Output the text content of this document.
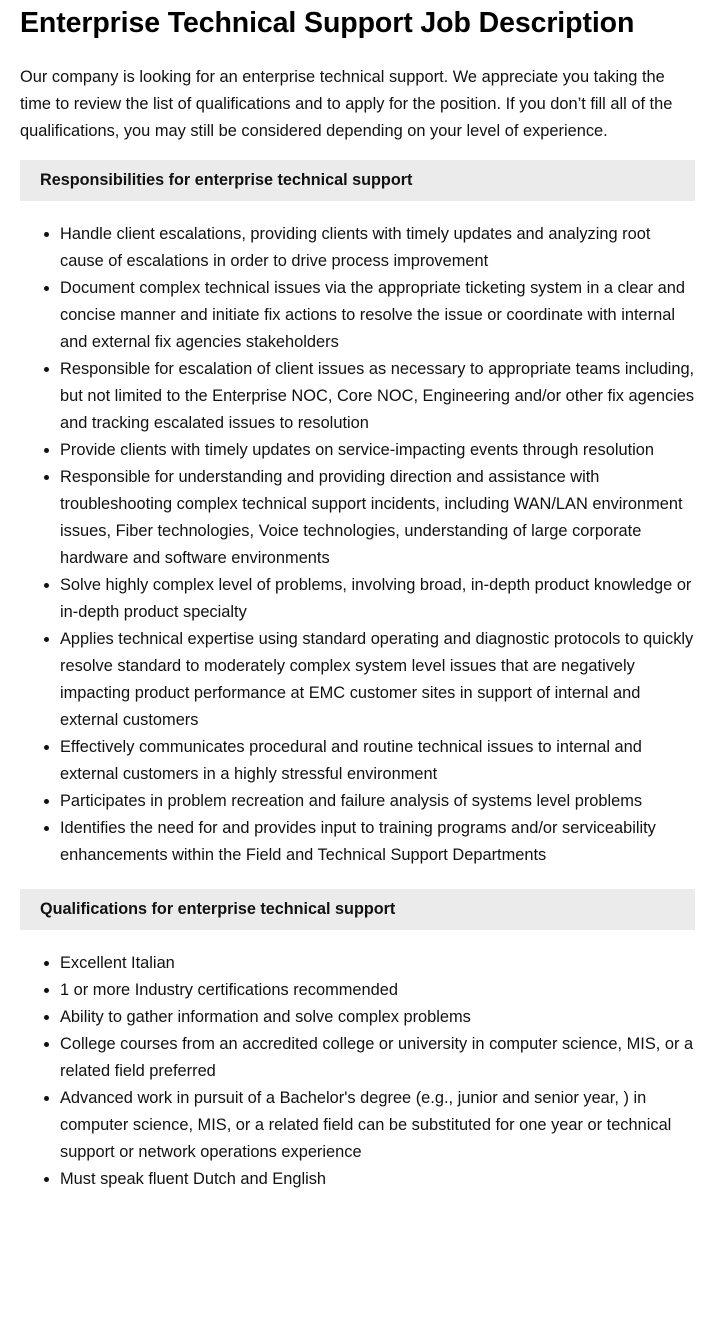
Enterprise Technical Support Job Description

Our company is looking for an enterprise technical support. We appreciate you taking the time to review the list of qualifications and to apply for the position. If you don’t fill all of the qualifications, you may still be considered depending on your level of experience.

Responsibilities for enterprise technical support
• Handle client escalations, providing clients with timely updates and analyzing root cause of escalations in order to drive process improvement
• Document complex technical issues via the appropriate ticketing system in a clear and concise manner and initiate fix actions to resolve the issue or coordinate with internal and external fix agencies stakeholders
• Responsible for escalation of client issues as necessary to appropriate teams including, but not limited to the Enterprise NOC, Core NOC, Engineering and/or other fix agencies and tracking escalated issues to resolution
• Provide clients with timely updates on service-impacting events through resolution
• Responsible for understanding and providing direction and assistance with troubleshooting complex technical support incidents, including WAN/LAN environment issues, Fiber technologies, Voice technologies, understanding of large corporate hardware and software environments
• Solve highly complex level of problems, involving broad, in-depth product knowledge or in-depth product specialty
• Applies technical expertise using standard operating and diagnostic protocols to quickly resolve standard to moderately complex system level issues that are negatively impacting product performance at EMC customer sites in support of internal and external customers
• Effectively communicates procedural and routine technical issues to internal and external customers in a highly stressful environment
• Participates in problem recreation and failure analysis of systems level problems
• Identifies the need for and provides input to training programs and/or serviceability enhancements within the Field and Technical Support Departments
Qualifications for enterprise technical support
• Excellent Italian
• 1 or more Industry certifications recommended
• Ability to gather information and solve complex problems
• College courses from an accredited college or university in computer science, MIS, or a related field preferred
• Advanced work in pursuit of a Bachelor's degree (e.g., junior and senior year, ) in computer science, MIS, or a related field can be substituted for one year or technical support or network operations experience
• Must speak fluent Dutch and English
